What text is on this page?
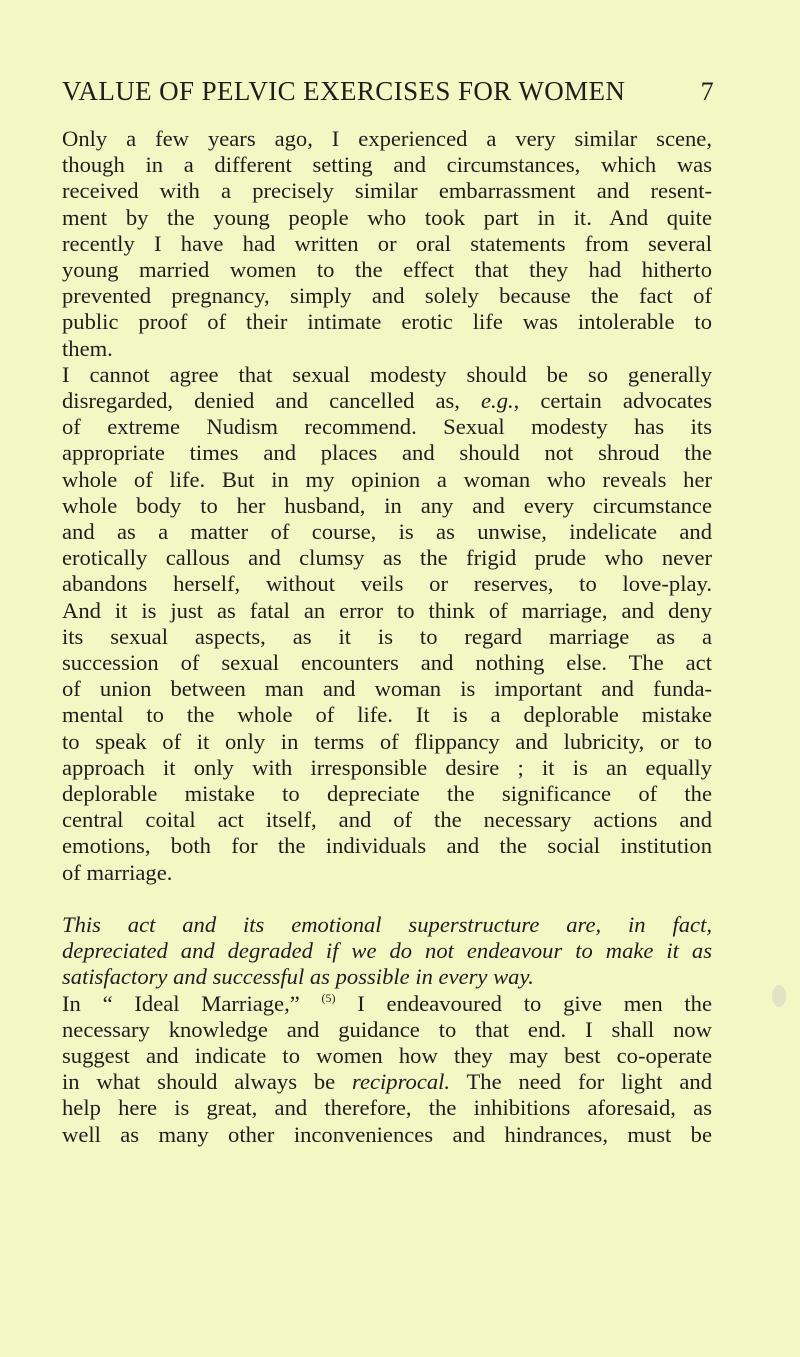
VALUE OF PELVIC EXERCISES FOR WOMEN	7
Only a few years ago, I experienced a very similar scene,
though in a different setting and circumstances, which was
received with a precisely similar embarrassment and resent-
ment by the young people who took part in it. And quite
recently I have had written or oral statements from several
young married women to the effect that they had hitherto
prevented pregnancy, simply and solely because the fact of
public proof of their intimate erotic life was intolerable to
them.
I cannot agree that sexual modesty should be so generally
disregarded, denied and cancelled as, e.g., certain advocates
of extreme Nudism recommend. Sexual modesty has its
appropriate times and places and should not shroud the
whole of life. But in my opinion a woman who reveals her
whole body to her husband, in any and every circumstance
and as a matter of course, is as unwise, indelicate and
erotically callous and clumsy as the frigid prude who never
abandons herself, without veils or reserves, to love-play.
And it is just as fatal an error to think of marriage, and deny
its sexual aspects, as it is to regard marriage as a
succession of sexual encounters and nothing else. The act
of union between man and woman is important and funda-
mental to the whole of life. It is a deplorable mistake
to speak of it only in terms of flippancy and lubricity, or to
approach it only with irresponsible desire ; it is an equally
deplorable mistake to depreciate the significance of the
central coital act itself, and of the necessary actions and
emotions, both for the individuals and the social institution
of marriage.
This act and its emotional superstructure are, in fact,
depreciated and degraded if we do not endeavour to make it as
satisfactory and successful as possible in every way.
In “ Ideal Marriage,” $^{(5)}$ I endeavoured to give men the
necessary knowledge and guidance to that end. I shall now
suggest and indicate to women how they may best co-operate
in what should always be reciprocal. The need for light and
help here is great, and therefore, the inhibitions aforesaid, as
well as many other inconveniences and hindrances, must be
